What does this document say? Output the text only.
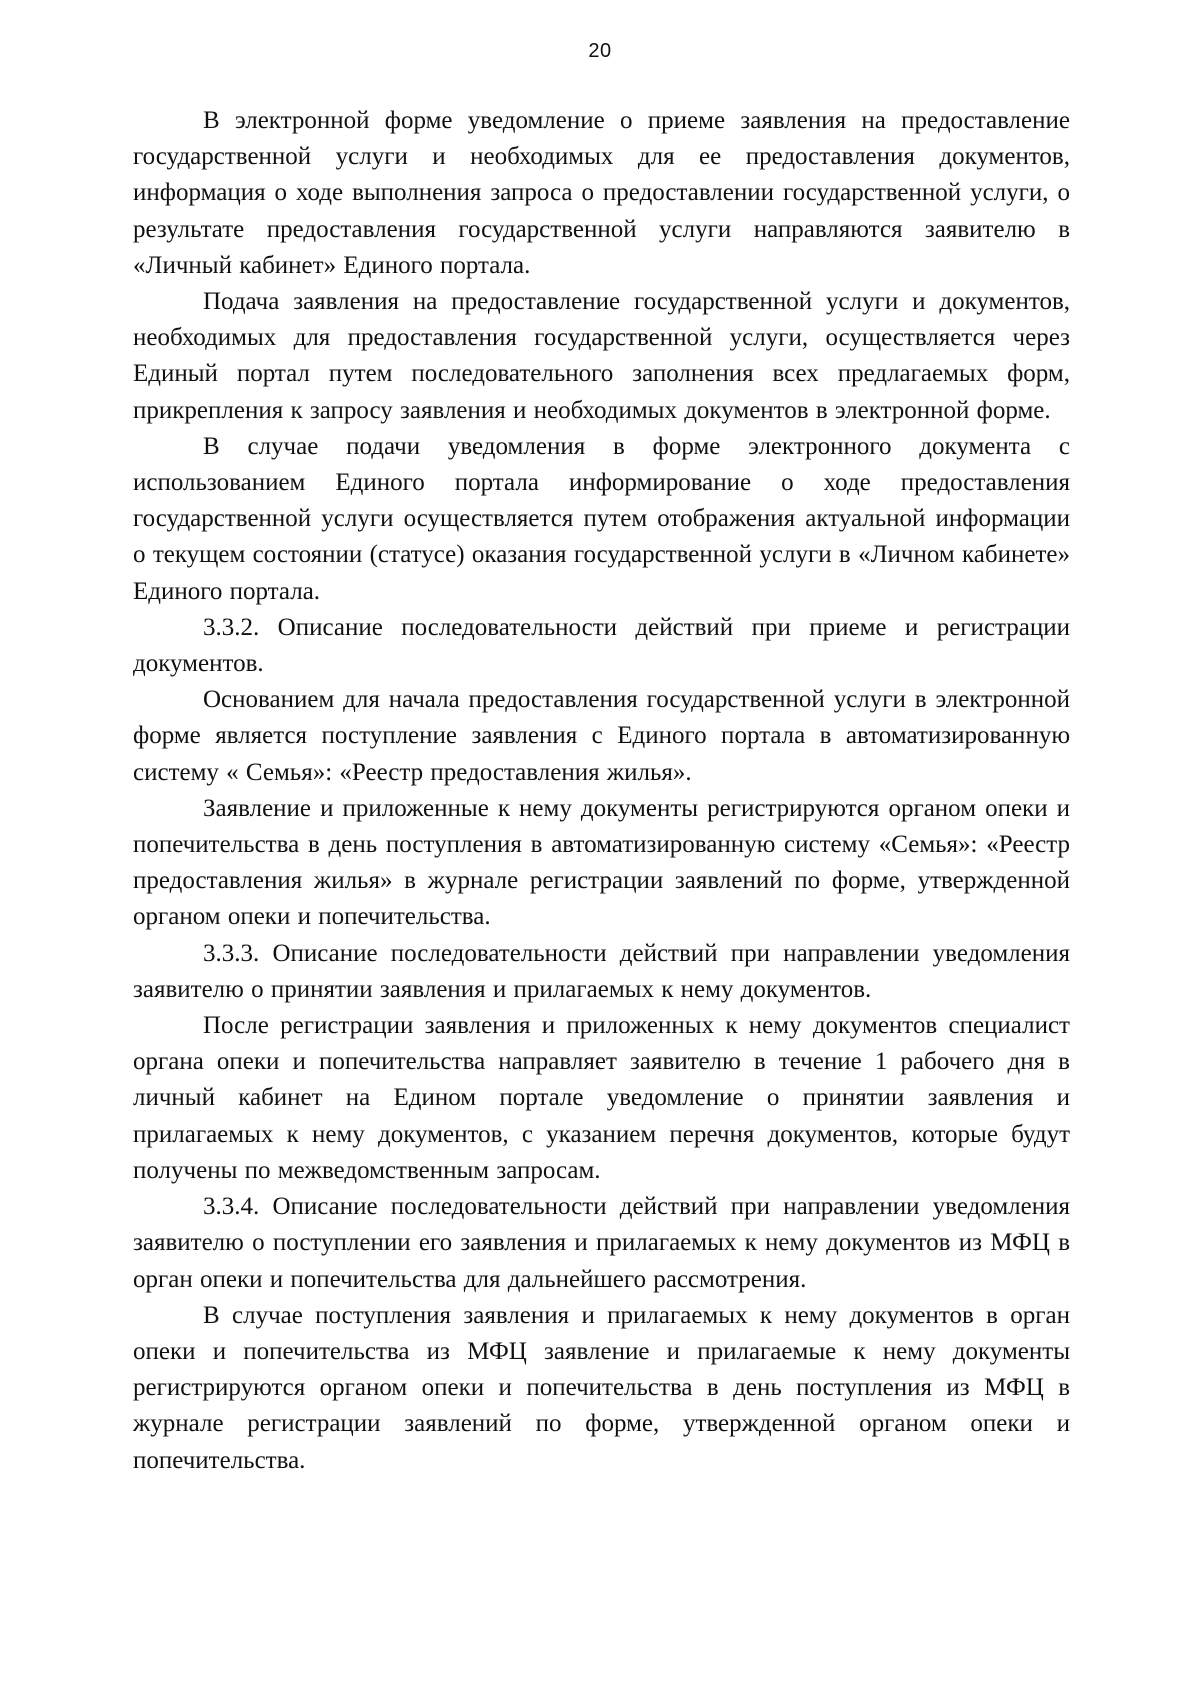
20

В электронной форме уведомление о приеме заявления на предоставление государственной услуги и необходимых для ее предоставления документов, информация о ходе выполнения запроса о предоставлении государственной услуги, о результате предоставления государственной услуги направляются заявителю в «Личный кабинет» Единого портала.

Подача заявления на предоставление государственной услуги и документов, необходимых для предоставления государственной услуги, осуществляется через Единый портал путем последовательного заполнения всех предлагаемых форм, прикрепления к запросу заявления и необходимых документов в электронной форме.

В случае подачи уведомления в форме электронного документа с использованием Единого портала информирование о ходе предоставления государственной услуги осуществляется путем отображения актуальной информации о текущем состоянии (статусе) оказания государственной услуги в «Личном кабинете» Единого портала.

3.3.2. Описание последовательности действий при приеме и регистрации документов.

Основанием для начала предоставления государственной услуги в электронной форме является поступление заявления с Единого портала в автоматизированную систему « Семья»: «Реестр предоставления жилья».

Заявление и приложенные к нему документы регистрируются органом опеки и попечительства в день поступления в автоматизированную систему «Семья»: «Реестр предоставления жилья» в журнале регистрации заявлений по форме, утвержденной органом опеки и попечительства.

3.3.3. Описание последовательности действий при направлении уведомления заявителю о принятии заявления и прилагаемых к нему документов.

После регистрации заявления и приложенных к нему документов специалист органа опеки и попечительства направляет заявителю в течение 1 рабочего дня в личный кабинет на Едином портале уведомление о принятии заявления и прилагаемых к нему документов, с указанием перечня документов, которые будут получены по межведомственным запросам.

3.3.4. Описание последовательности действий при направлении уведомления заявителю о поступлении его заявления и прилагаемых к нему документов из МФЦ в орган опеки и попечительства для дальнейшего рассмотрения.

В случае поступления заявления и прилагаемых к нему документов в орган опеки и попечительства из МФЦ заявление и прилагаемые к нему документы регистрируются органом опеки и попечительства в день поступления из МФЦ в журнале регистрации заявлений по форме, утвержденной органом опеки и попечительства.
